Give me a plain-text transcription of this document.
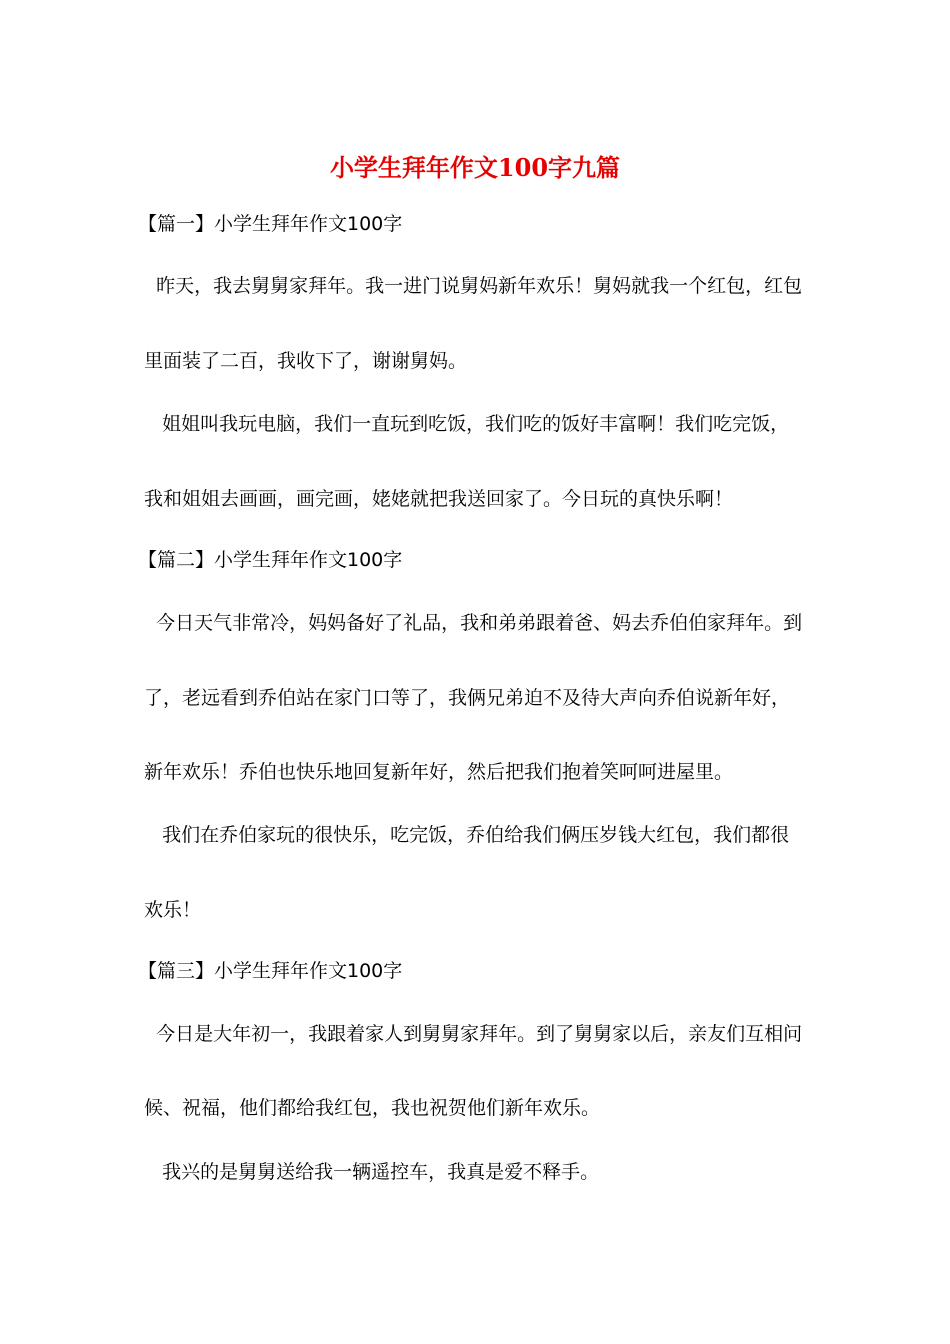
小学生拜年作文100字九篇
【篇一】小学生拜年作文100字
昨天，我去舅舅家拜年。我一进门说舅妈新年欢乐！舅妈就我一个红包，红包
里面装了二百，我收下了，谢谢舅妈。
姐姐叫我玩电脑，我们一直玩到吃饭，我们吃的饭好丰富啊！我们吃完饭，
我和姐姐去画画，画完画，姥姥就把我送回家了。今日玩的真快乐啊！
【篇二】小学生拜年作文100字
今日天气非常冷，妈妈备好了礼品，我和弟弟跟着爸、妈去乔伯伯家拜年。到
了，老远看到乔伯站在家门口等了，我俩兄弟迫不及待大声向乔伯说新年好，
新年欢乐！乔伯也快乐地回复新年好，然后把我们抱着笑呵呵进屋里。
我们在乔伯家玩的很快乐，吃完饭，乔伯给我们俩压岁钱大红包，我们都很
欢乐！
【篇三】小学生拜年作文100字
今日是大年初一，我跟着家人到舅舅家拜年。到了舅舅家以后，亲友们互相问
候、祝福，他们都给我红包，我也祝贺他们新年欢乐。
我兴的是舅舅送给我一辆遥控车，我真是爱不释手。
